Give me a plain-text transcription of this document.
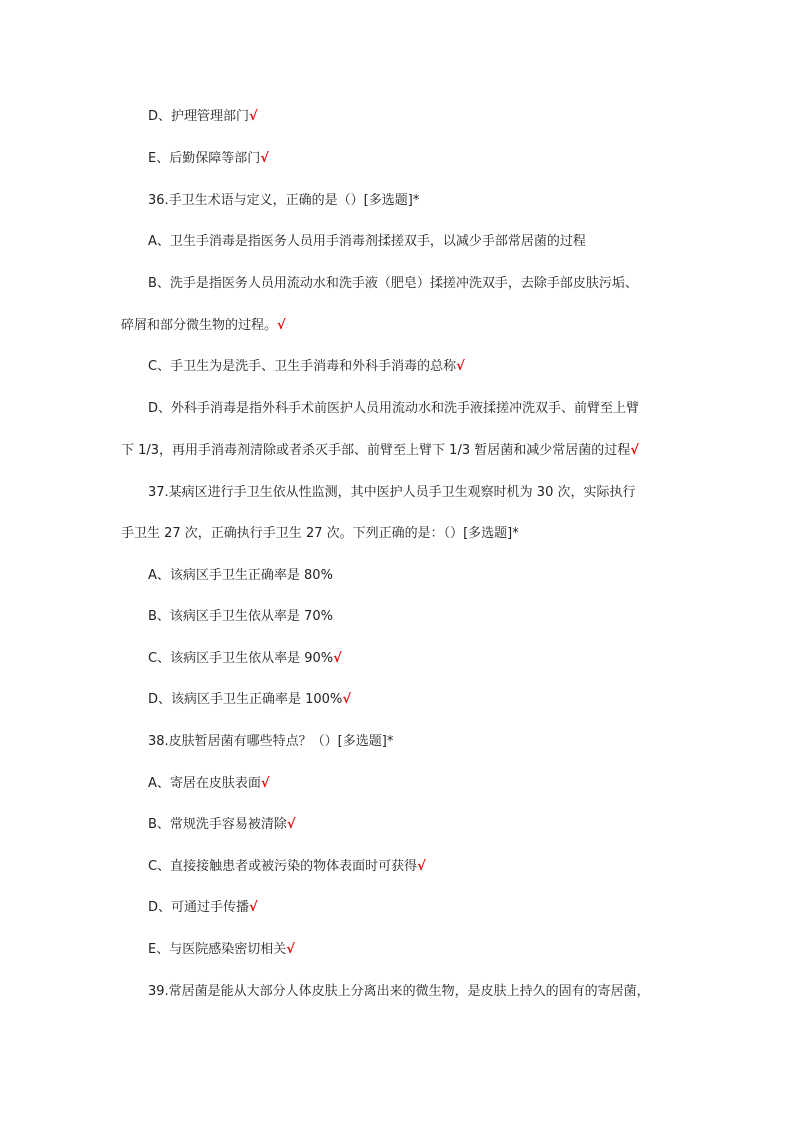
D、护理管理部门√
E、后勤保障等部门√
36.手卫生术语与定义，正确的是（）[多选题]*
A、卫生手消毒是指医务人员用手消毒剂揉搓双手，以减少手部常居菌的过程
B、洗手是指医务人员用流动水和洗手液（肥皂）揉搓冲洗双手，去除手部皮肤污垢、
碎屑和部分微生物的过程。√
C、手卫生为是洗手、卫生手消毒和外科手消毒的总称√
D、外科手消毒是指外科手术前医护人员用流动水和洗手液揉搓冲洗双手、前臂至上臂
下 1/3，再用手消毒剂清除或者杀灭手部、前臂至上臂下 1/3 暂居菌和减少常居菌的过程√
37.某病区进行手卫生依从性监测，其中医护人员手卫生观察时机为 30 次，实际执行
手卫生 27 次，正确执行手卫生 27 次。下列正确的是：（）[多选题]*
A、该病区手卫生正确率是 80%
B、该病区手卫生依从率是 70%
C、该病区手卫生依从率是 90%√
D、该病区手卫生正确率是 100%√
38.皮肤暂居菌有哪些特点？（）[多选题]*
A、寄居在皮肤表面√
B、常规洗手容易被清除√
C、直接接触患者或被污染的物体表面时可获得√
D、可通过手传播√
E、与医院感染密切相关√
39.常居菌是能从大部分人体皮肤上分离出来的微生物，是皮肤上持久的固有的寄居菌，
